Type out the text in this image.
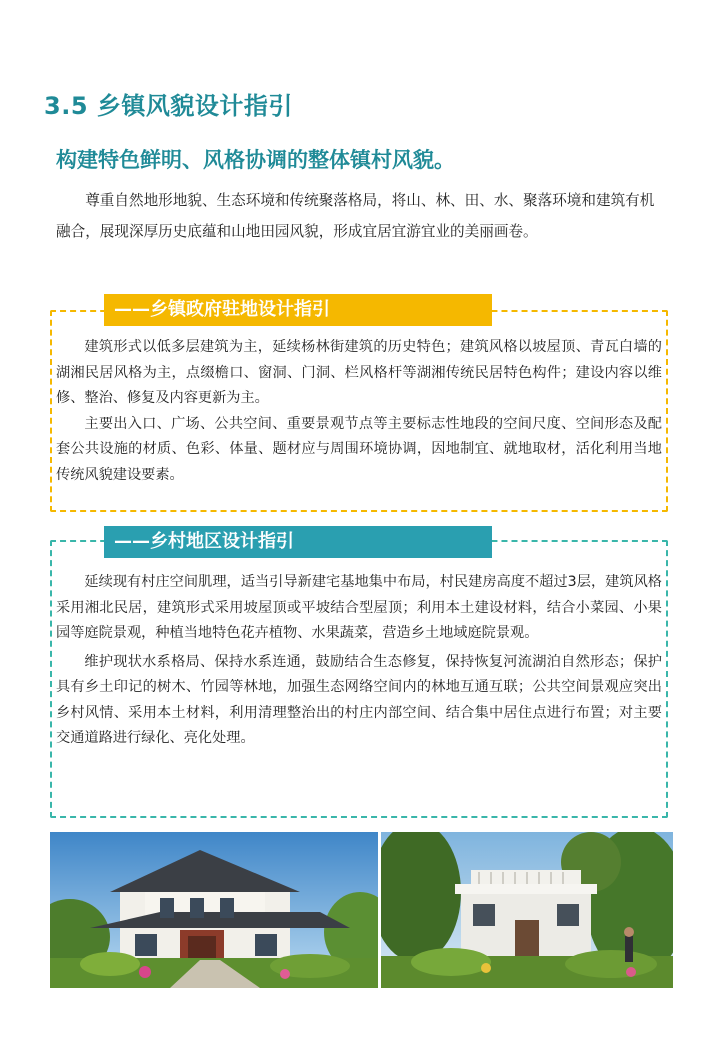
3.5 乡镇风貌设计指引
构建特色鲜明、风格协调的整体镇村风貌。

尊重自然地形地貌、生态环境和传统聚落格局，将山、林、田、水、聚落环境和建筑有机融合，展现深厚历史底蕴和山地田园风貌，形成宜居宜游宜业的美丽画卷。

——乡镇政府驻地设计指引

建筑形式以低多层建筑为主，延续杨林街建筑的历史特色；建筑风格以坡屋顶、青瓦白墙的湖湘民居风格为主，点缀檐口、窗洞、门洞、栏风格杆等湖湘传统民居特色构件；建设内容以维修、整治、修复及内容更新为主。

主要出入口、广场、公共空间、重要景观节点等主要标志性地段的空间尺度、空间形态及配套公共设施的材质、色彩、体量、题材应与周围环境协调，因地制宜、就地取材，活化利用当地传统风貌建设要素。

——乡村地区设计指引

延续现有村庄空间肌理，适当引导新建宅基地集中布局，村民建房高度不超过3层，建筑风格采用湘北民居，建筑形式采用坡屋顶或平坡结合型屋顶；利用本土建设材料，结合小菜园、小果园等庭院景观，种植当地特色花卉植物、水果蔬菜，营造乡土地域庭院景观。

维护现状水系格局、保持水系连通，鼓励结合生态修复，保持恢复河流湖泊自然形态；保护具有乡土印记的树木、竹园等林地，加强生态网络空间内的林地互通互联；公共空间景观应突出乡村风情、采用本土材料，利用清理整治出的村庄内部空间、结合集中居住点进行布置；对主要交通道路进行绿化、亮化处理。
